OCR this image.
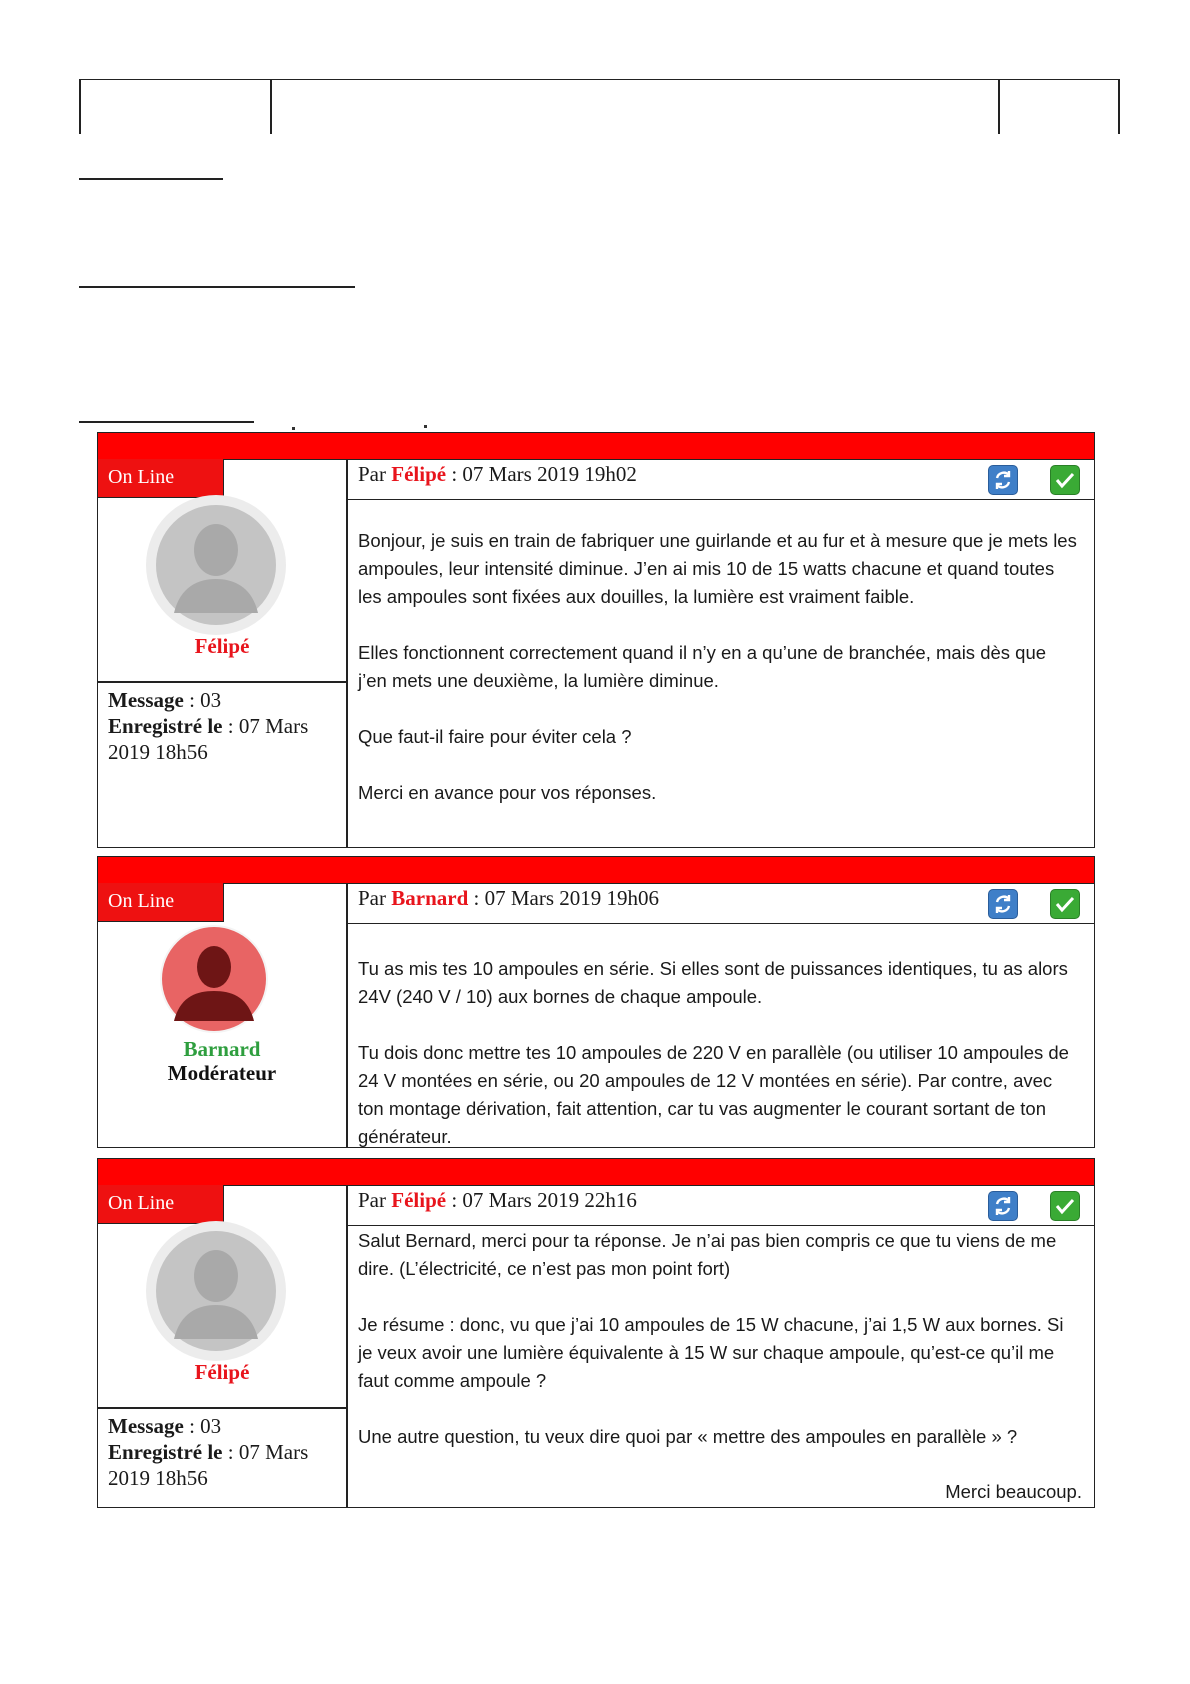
On Line
Félipé
Message : 03
Enregistré le : 07 Mars 2019 18h56
Par Félipé : 07 Mars 2019 19h02

Bonjour, je suis en train de fabriquer une guirlande et au fur et à mesure que je mets les ampoules, leur intensité diminue. J’en ai mis 10 de 15 watts chacune et quand toutes les ampoules sont fixées aux douilles, la lumière est vraiment faible.

Elles fonctionnent correctement quand il n’y en a qu’une de branchée, mais dès que j’en mets une deuxième, la lumière diminue.

Que faut-il faire pour éviter cela ?

Merci en avance pour vos réponses.

On Line
Barnard
Modérateur
Par Barnard : 07 Mars 2019 19h06

Tu as mis tes 10 ampoules en série. Si elles sont de puissances identiques, tu as alors 24V (240 V / 10) aux bornes de chaque ampoule.

Tu dois donc mettre tes 10 ampoules de 220 V en parallèle (ou utiliser 10 ampoules de 24 V montées en série, ou 20 ampoules de 12 V montées en série). Par contre, avec ton montage dérivation, fait attention, car tu vas augmenter le courant sortant de ton générateur.

On Line
Félipé
Message : 03
Enregistré le : 07 Mars 2019 18h56
Par Félipé : 07 Mars 2019 22h16

Salut Bernard, merci pour ta réponse. Je n’ai pas bien compris ce que tu viens de me dire. (L’électricité, ce n’est pas mon point fort)

Je résume : donc, vu que j’ai 10 ampoules de 15 W chacune, j’ai 1,5 W aux bornes. Si je veux avoir une lumière équivalente à 15 W sur chaque ampoule, qu’est-ce qu’il me faut comme ampoule ?

Une autre question, tu veux dire quoi par « mettre des ampoules en parallèle » ?

Merci beaucoup.
